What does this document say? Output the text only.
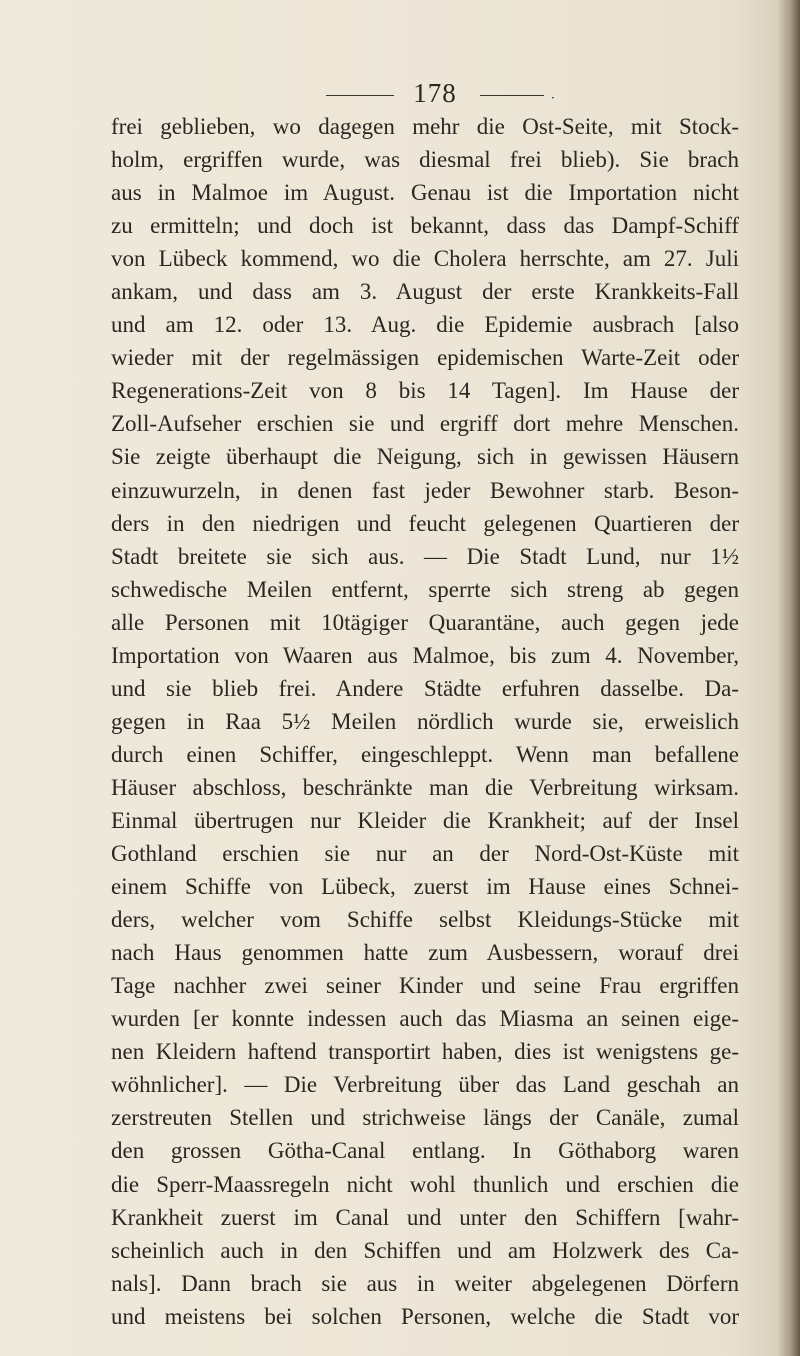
178	·
frei geblieben, wo dagegen mehr die Ost-Seite, mit Stock-
holm, ergriffen wurde, was diesmal frei blieb). Sie brach
aus in Malmoe im August. Genau ist die Importation nicht
zu ermitteln; und doch ist bekannt, dass das Dampf-Schiff
von Lübeck kommend, wo die Cholera herrschte, am 27. Juli
ankam, und dass am 3. August der erste Krankkeits-Fall
und am 12. oder 13. Aug. die Epidemie ausbrach [also
wieder mit der regelmässigen epidemischen Warte-Zeit oder
Regenerations-Zeit von 8 bis 14 Tagen]. Im Hause der
Zoll-Aufseher erschien sie und ergriff dort mehre Menschen.
Sie zeigte überhaupt die Neigung, sich in gewissen Häusern
einzuwurzeln, in denen fast jeder Bewohner starb. Beson-
ders in den niedrigen und feucht gelegenen Quartieren der
Stadt breitete sie sich aus. — Die Stadt Lund, nur 1½
schwedische Meilen entfernt, sperrte sich streng ab gegen
alle Personen mit 10tägiger Quarantäne, auch gegen jede
Importation von Waaren aus Malmoe, bis zum 4. November,
und sie blieb frei. Andere Städte erfuhren dasselbe. Da-
gegen in Raa 5½ Meilen nördlich wurde sie, erweislich
durch einen Schiffer, eingeschleppt. Wenn man befallene
Häuser abschloss, beschränkte man die Verbreitung wirksam.
Einmal übertrugen nur Kleider die Krankheit; auf der Insel
Gothland erschien sie nur an der Nord-Ost-Küste mit
einem Schiffe von Lübeck, zuerst im Hause eines Schnei-
ders, welcher vom Schiffe selbst Kleidungs-Stücke mit
nach Haus genommen hatte zum Ausbessern, worauf drei
Tage nachher zwei seiner Kinder und seine Frau ergriffen
wurden [er konnte indessen auch das Miasma an seinen eige-
nen Kleidern haftend transportirt haben, dies ist wenigstens ge-
wöhnlicher]. — Die Verbreitung über das Land geschah an
zerstreuten Stellen und strichweise längs der Canäle, zumal
den grossen Götha-Canal entlang. In Göthaborg waren
die Sperr-Maassregeln nicht wohl thunlich und erschien die
Krankheit zuerst im Canal und unter den Schiffern [wahr-
scheinlich auch in den Schiffen und am Holzwerk des Ca-
nals]. Dann brach sie aus in weiter abgelegenen Dörfern
und meistens bei solchen Personen, welche die Stadt vor
